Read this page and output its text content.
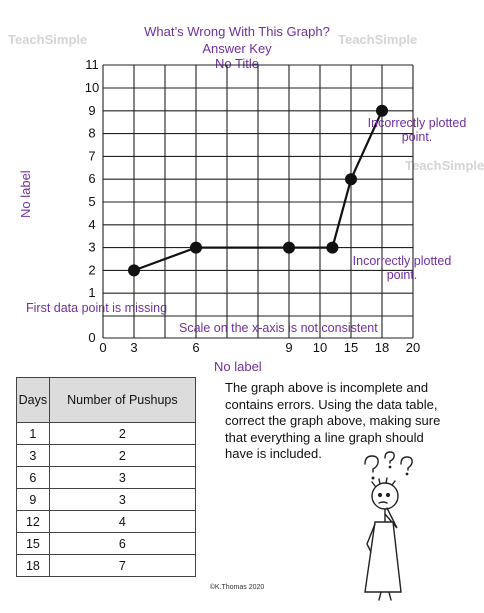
TeachSimple	TeachSimple
TeachSimple
What’s Wrong With This Graph?
Answer Key
No Title
0
1
2
3
4
5
6
7
8
9
10
11
0 3	6	9 10 15 18 20
No label
No label
Incorrectly plotted point.
Incorrectly plotted point.
First data point is missing
Scale on the x-axis is not consistent
Days	Number of Pushups
1	2
3	2
6	3
9	3
12	4
15	6
18	7
The graph above is incomplete and contains errors. Using the data table, correct the graph above, making sure that everything a line graph should have is included.
©K.Thomas 2020
